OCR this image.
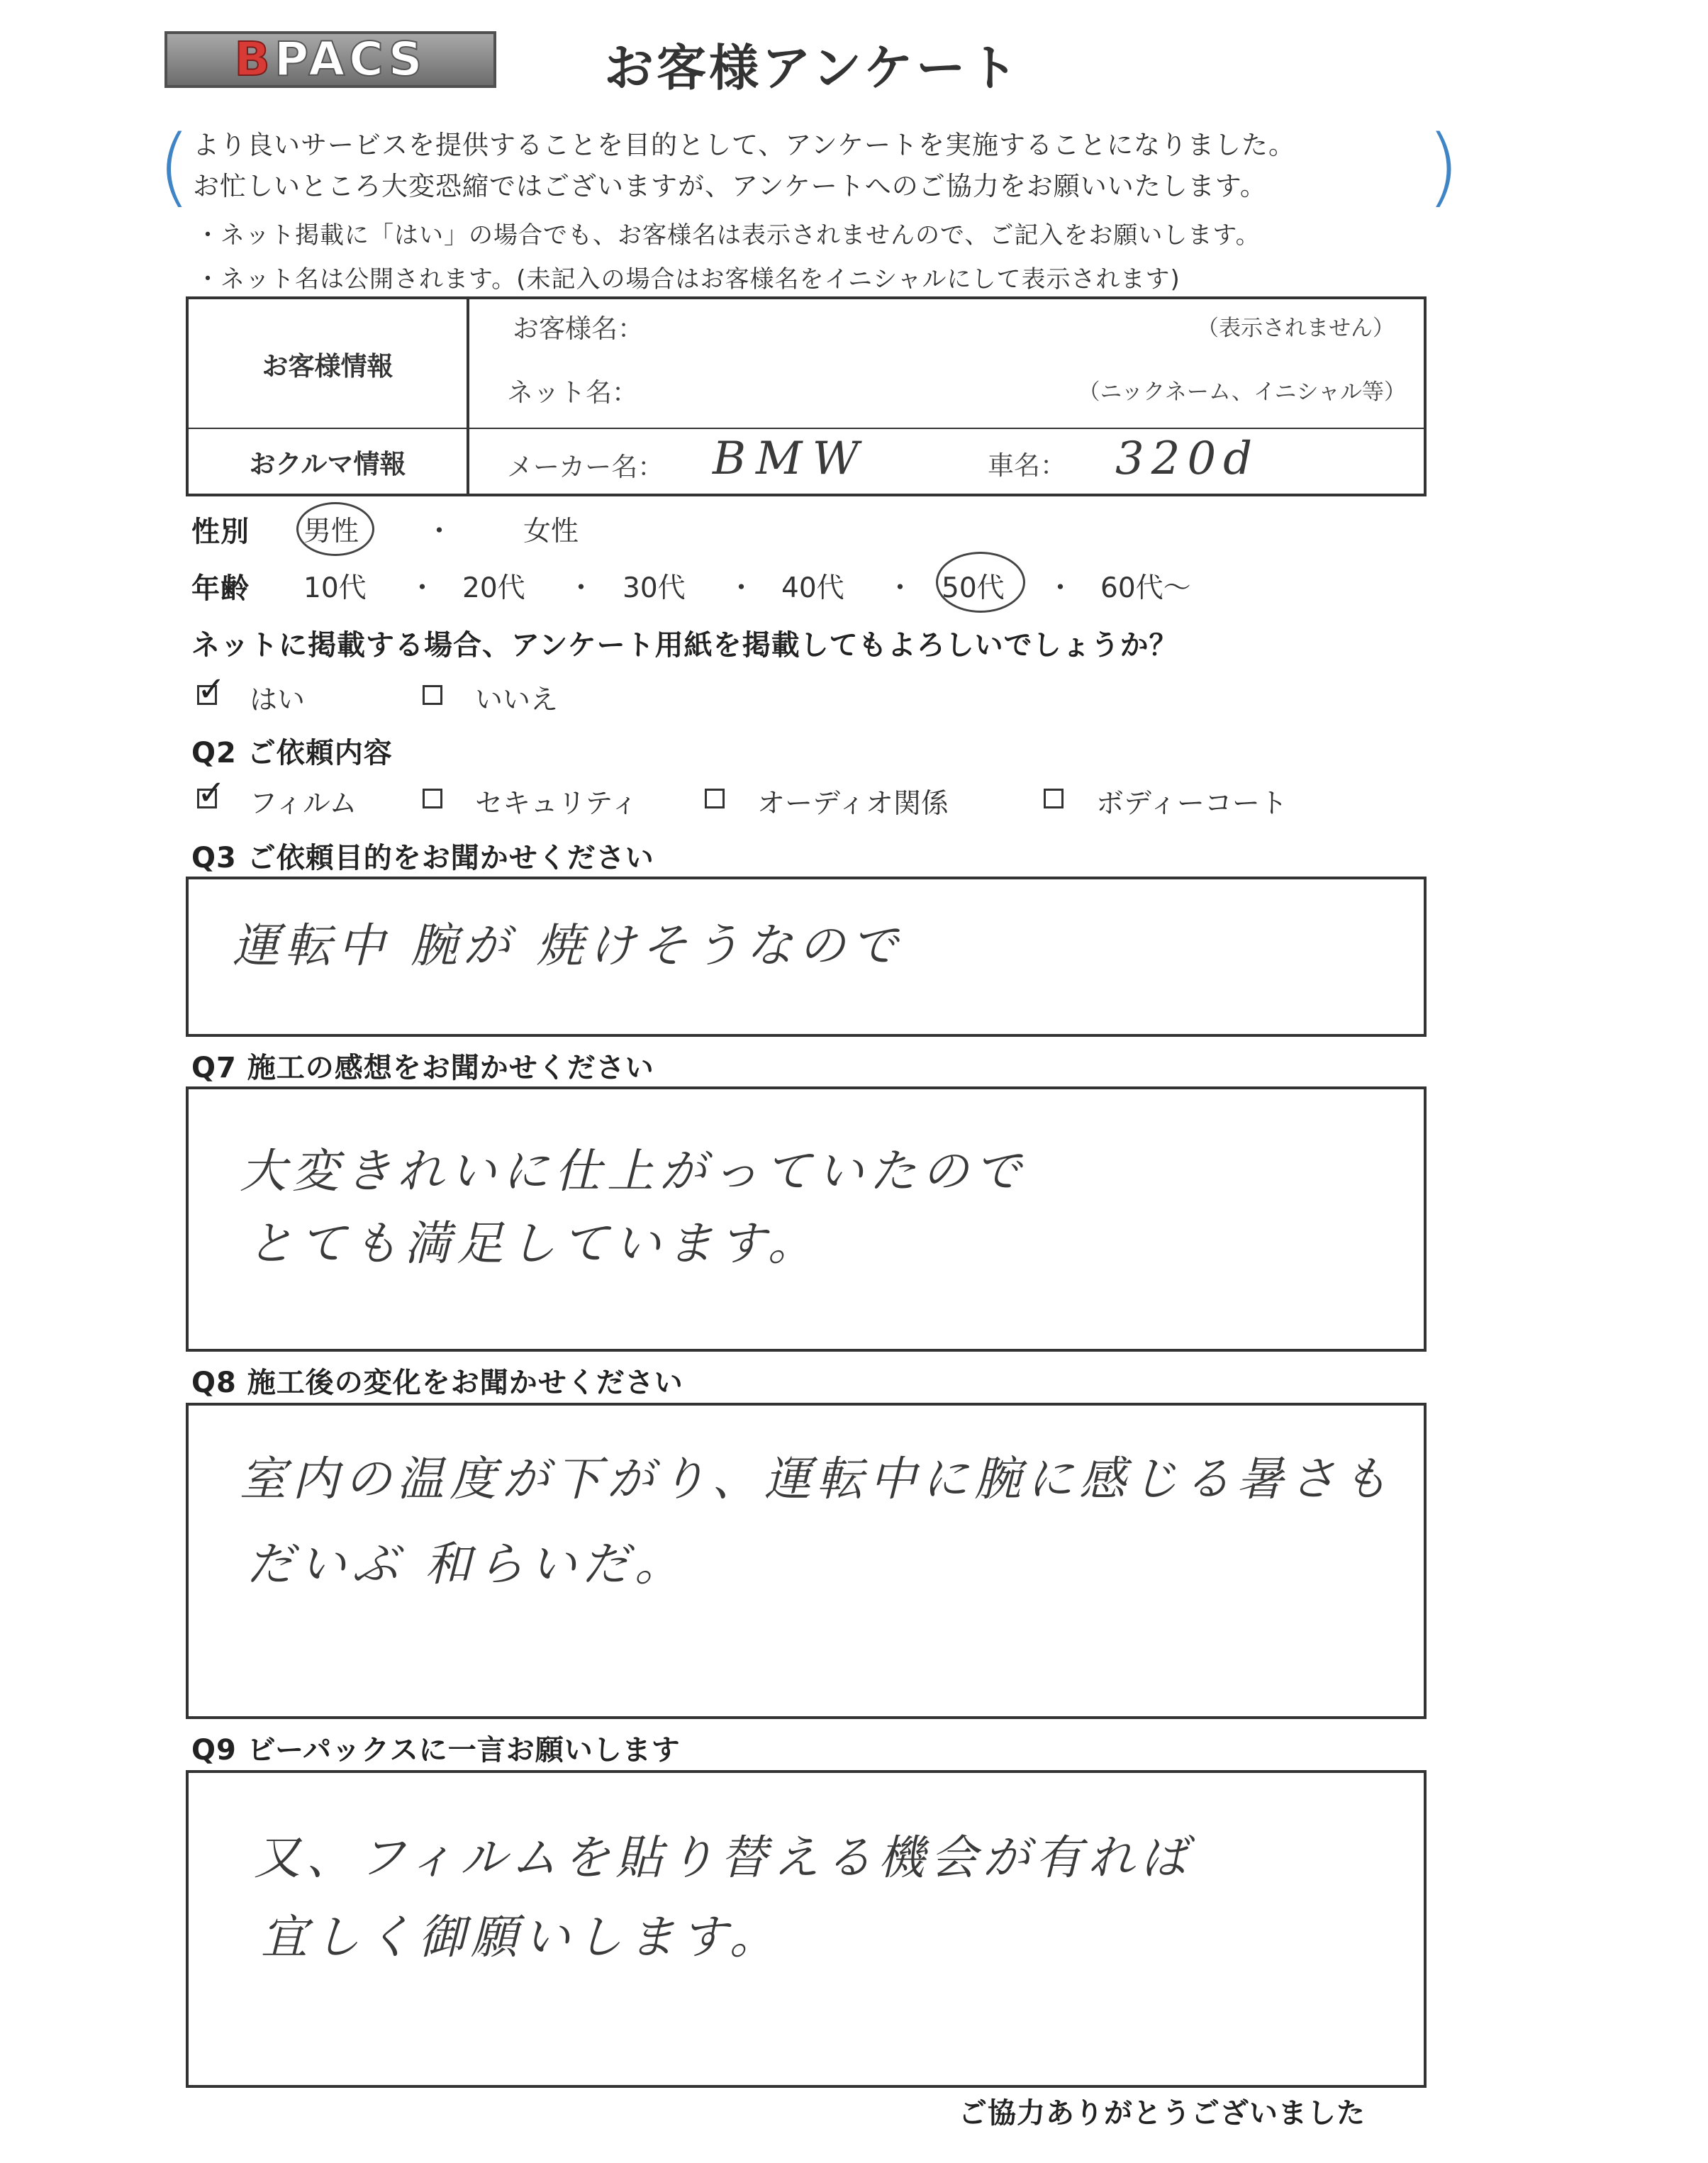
BPACS	お客様アンケート
(	)
より良いサービスを提供することを目的として、アンケートを実施することになりました。
お忙しいところ大変恐縮ではございますが、アンケートへのご協力をお願いいたします。
・ネット掲載に「はい」の場合でも、お客様名は表示されませんので、ご記入をお願いします。
・ネット名は公開されます。(未記入の場合はお客様名をイニシャルにして表示されます)
お客様情報	お客様名： （表示されません）
ネット名： （ニックネーム、イニシャル等）

おクルマ情報	メーカー名： BMW 車名： 320d
性別 男性 ・	女性
年齢 10代 ・ 20代 ・ 30代 ・ 40代 ・ 50代 ・ 60代〜
ネットに掲載する場合、アンケート用紙を掲載してもよろしいでしょうか？
✓ はい	いいえ
Q2 ご依頼内容
✓ フィルム	セキュリティ	オーディオ関係	ボディーコート
Q3 ご依頼目的をお聞かせください
運転中 腕が 焼けそうなので
Q7 施工の感想をお聞かせください
大変きれいに仕上がっていたので
とても満足しています。
Q8 施工後の変化をお聞かせください
室内の温度が下がり、運転中に腕に感じる暑さも
だいぶ 和らいだ。
Q9 ビーパックスに一言お願いします
又、フィルムを貼り替える機会が有れば
宜しく御願いします。
ご協力ありがとうございました
